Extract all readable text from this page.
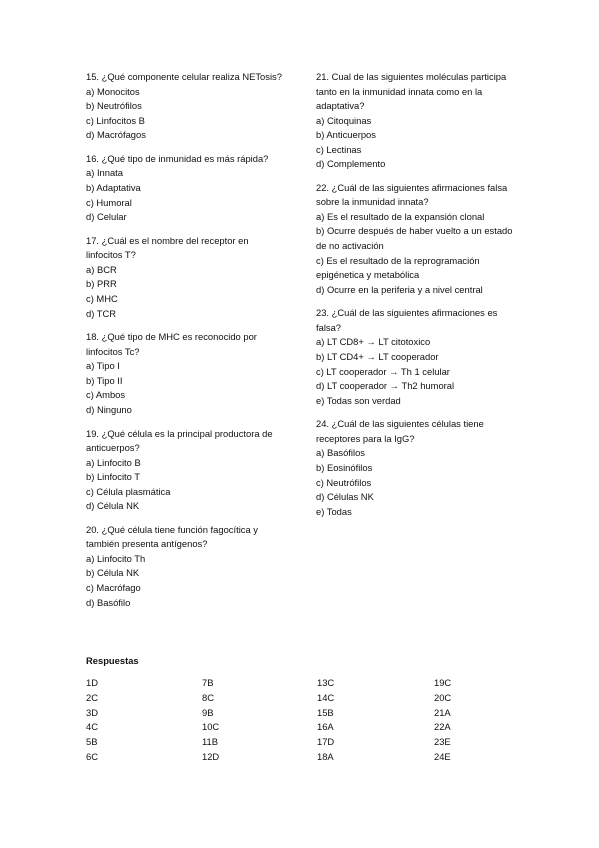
15. ¿Qué componente celular realiza NETosis?
a) Monocitos
b) Neutrófilos
c) Linfocitos B
d) Macrófagos
16. ¿Qué tipo de inmunidad es más rápida?
a) Innata
b) Adaptativa
c) Humoral
d) Celular
17. ¿Cuál es el nombre del receptor en linfocitos T?
a) BCR
b) PRR
c) MHC
d) TCR
18. ¿Qué tipo de MHC es reconocido por linfocitos Tc?
a) Tipo I
b) Tipo II
c) Ambos
d) Ninguno
19. ¿Qué célula es la principal productora de anticuerpos?
a) Linfocito B
b) Linfocito T
c) Célula plasmática
d) Célula NK
20. ¿Qué célula tiene función fagocítica y también presenta antígenos?
a) Linfocito Th
b) Célula NK
c) Macrófago
d) Basófilo
21. Cual de las siguientes moléculas participa tanto en la inmunidad innata como en la adaptativa?
a) Citoquinas
b) Anticuerpos
c) Lectinas
d) Complemento
22. ¿Cuál de las siguientes afirmaciones falsa sobre la inmunidad innata?
a) Es el resultado de la expansión clonal
b) Ocurre después de haber vuelto a un estado de no activación
c) Es el resultado de la reprogramación epigénetica y metabólica
d) Ocurre en la periferia y a nivel central
23. ¿Cuál de las siguientes afirmaciones es falsa?
a) LT CD8+ → LT citotoxico
b) LT CD4+ → LT cooperador
c) LT cooperador → Th 1 celular
d) LT cooperador → Th2 humoral
e) Todas son verdad
24. ¿Cuál de las siguientes células tiene receptores para la IgG?
a) Basófilos
b) Eosinófilos
c) Neutrófilos
d) Células NK
e) Todas
Respuestas
1D
2C
3D
4C
5B
6C
7B
8C
9B
10C
11B
12D
13C
14C
15B
16A
17D
18A
19C
20C
21A
22A
23E
24E
